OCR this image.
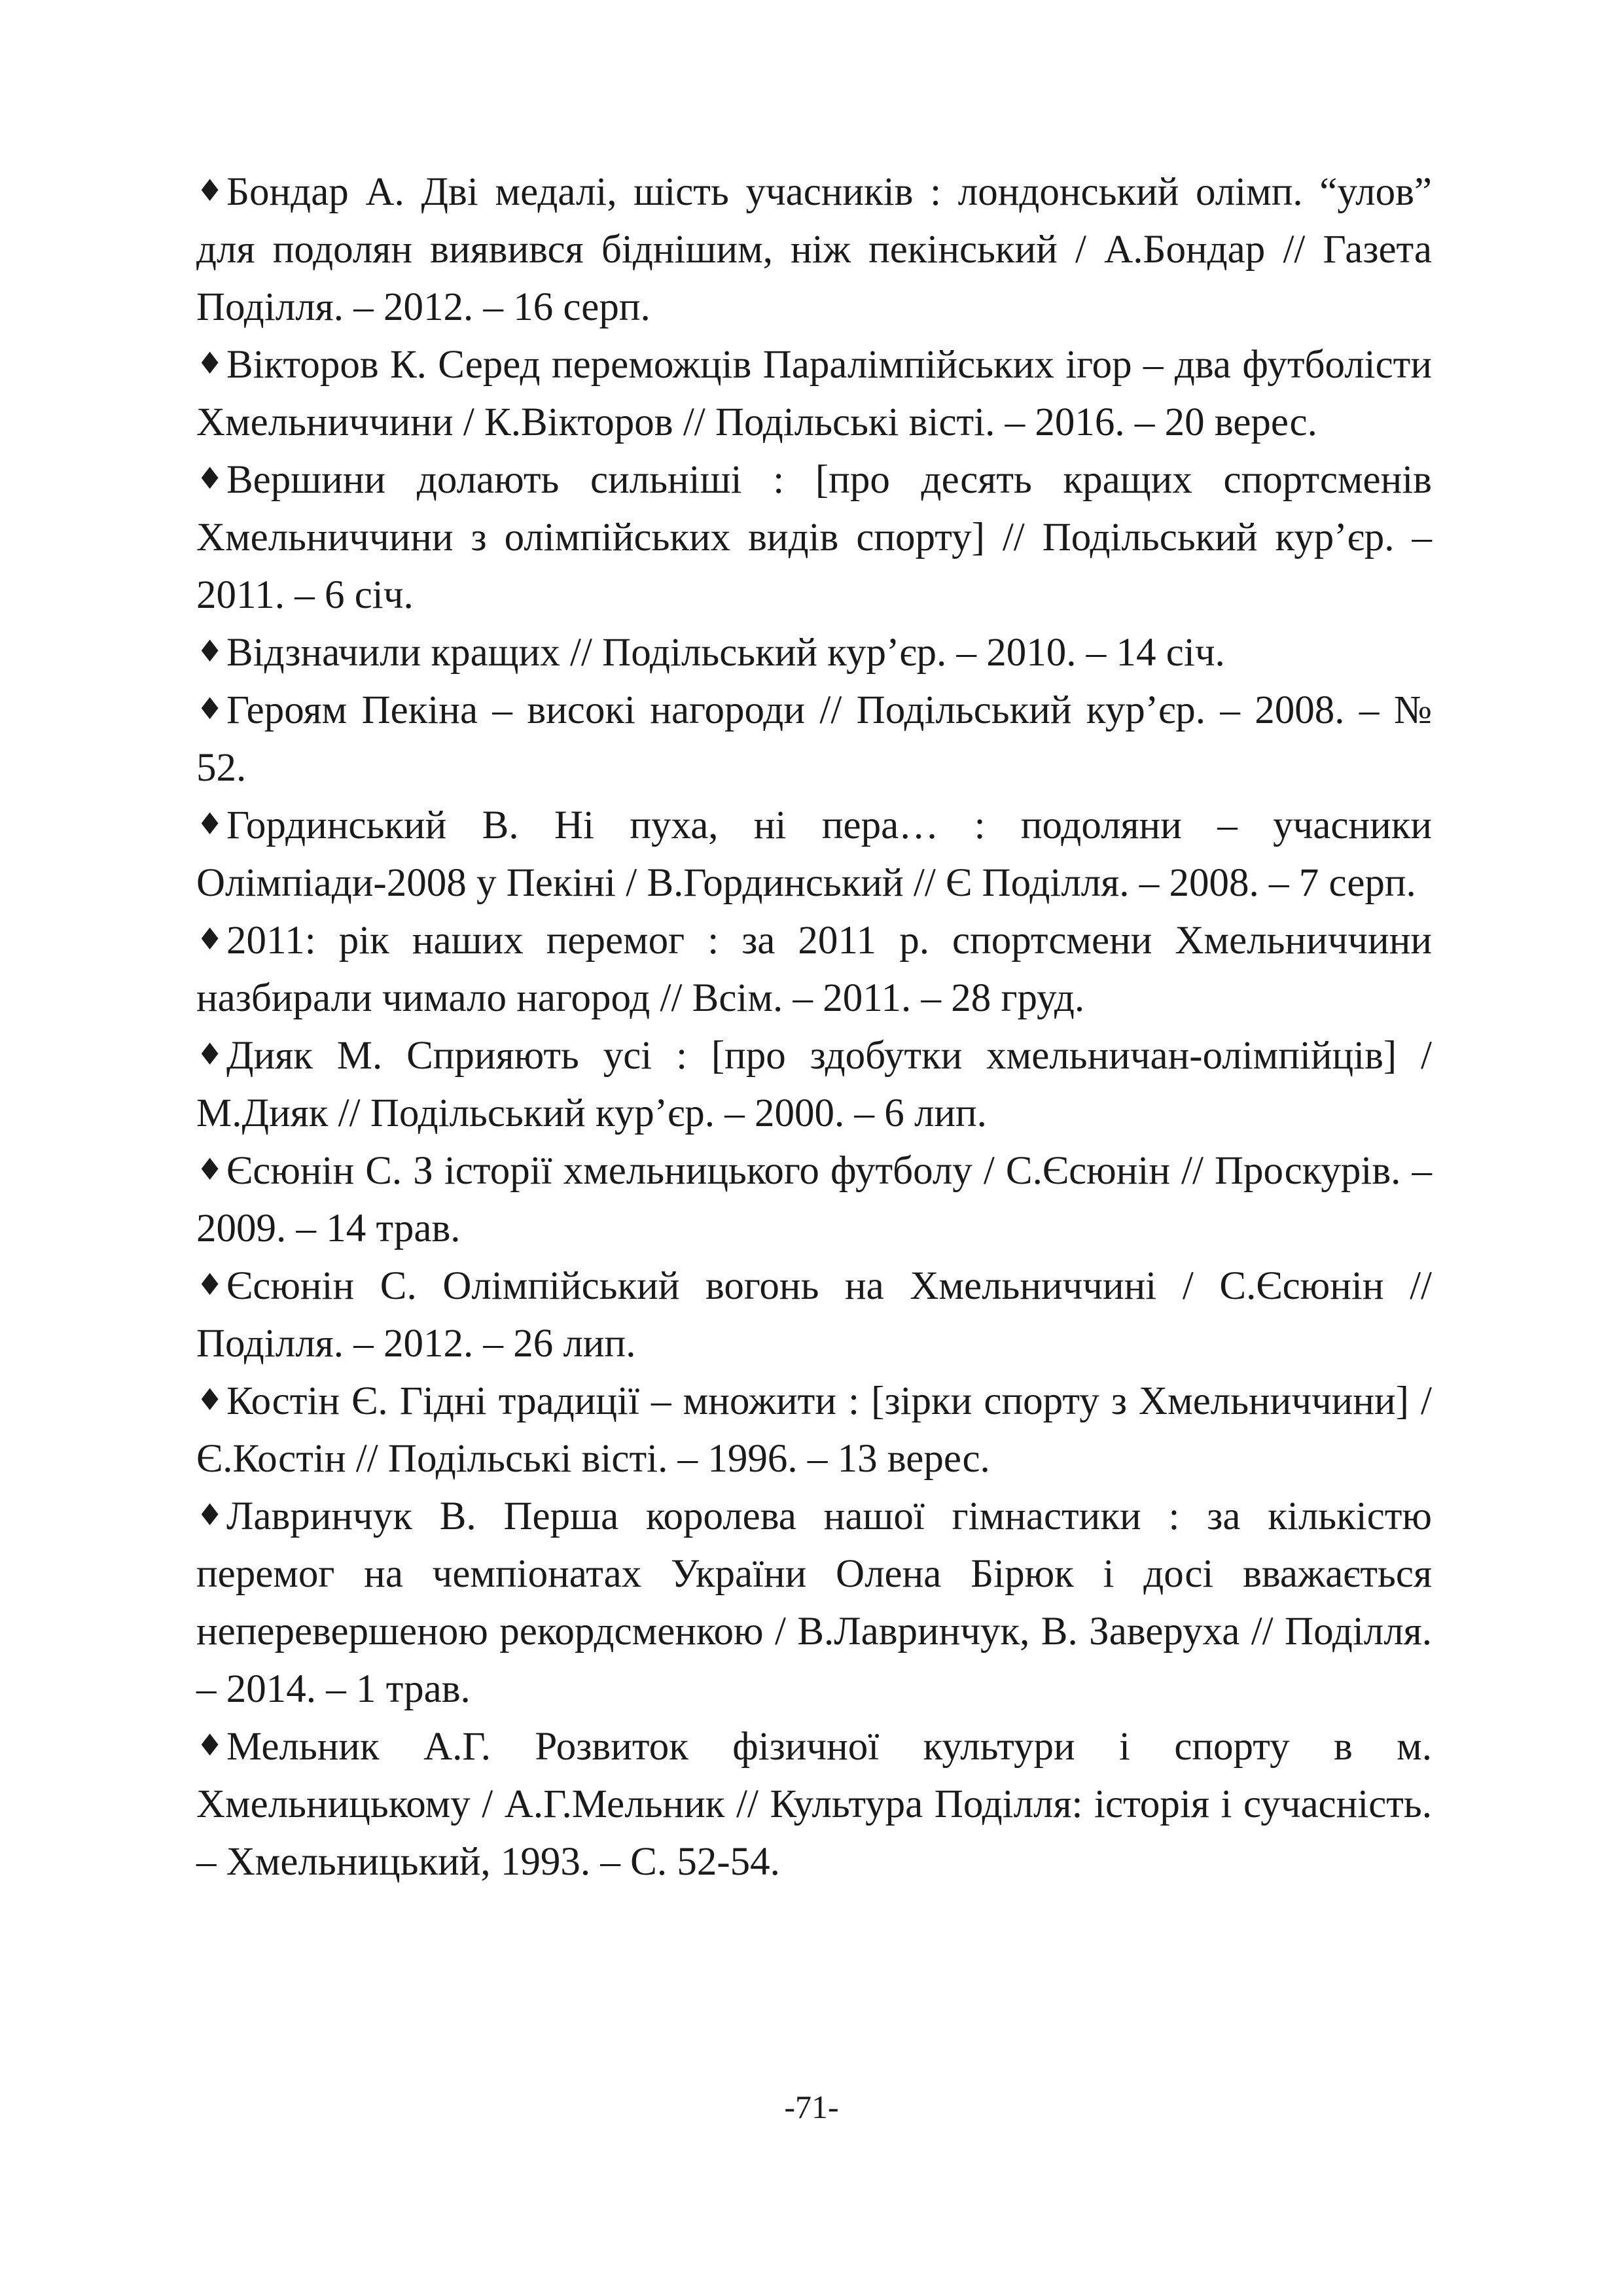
♦Бондар А. Дві медалі, шість учасників : лондонський олімп. “улов” для подолян виявився біднішим, ніж пекінський / А.Бондар // Газета Поділля. – 2012. – 16 серп.

♦Вікторов К. Серед переможців Паралімпійських ігор – два футболісти Хмельниччини / К.Вікторов // Подільські вісті. – 2016. – 20 верес.

♦Вершини долають сильніші : [про десять кращих спортсменів Хмельниччини з олімпійських видів спорту] // Подільський кур’єр. – 2011. – 6 січ.

♦Відзначили кращих // Подільський кур’єр. – 2010. – 14 січ.

♦Героям Пекіна – високі нагороди // Подільський кур’єр. – 2008. – № 52.

♦Гординський В. Ні пуха, ні пера… : подоляни – учасники Олімпіади-2008 у Пекіні / В.Гординський // Є Поділля. – 2008. – 7 серп.

♦2011: рік наших перемог : за 2011 р. спортсмени Хмельниччини назбирали чимало нагород // Всім. – 2011. – 28 груд.

♦Дияк М. Сприяють усі : [про здобутки хмельничан-олімпійців] / М.Дияк // Подільський кур’єр. – 2000. – 6 лип.

♦Єсюнін С. З історії хмельницького футболу / С.Єсюнін // Проскурів. – 2009. – 14 трав.

♦Єсюнін С. Олімпійський вогонь на Хмельниччині / С.Єсюнін // Поділля. – 2012. – 26 лип.

♦Костін Є. Гідні традиції – множити : [зірки спорту з Хмельниччини] / Є.Костін // Подільські вісті. – 1996. – 13 верес.

♦Лавринчук В. Перша королева нашої гімнастики : за кількістю перемог на чемпіонатах України Олена Бірюк і досі вважається неперевершеною рекордсменкою / В.Лавринчук, В. Заверуха // Поділля. – 2014. – 1 трав.

♦Мельник А.Г. Розвиток фізичної культури і спорту в м. Хмельницькому / А.Г.Мельник // Культура Поділля: історія і сучасність. – Хмельницький, 1993. – С. 52-54.

-71-
